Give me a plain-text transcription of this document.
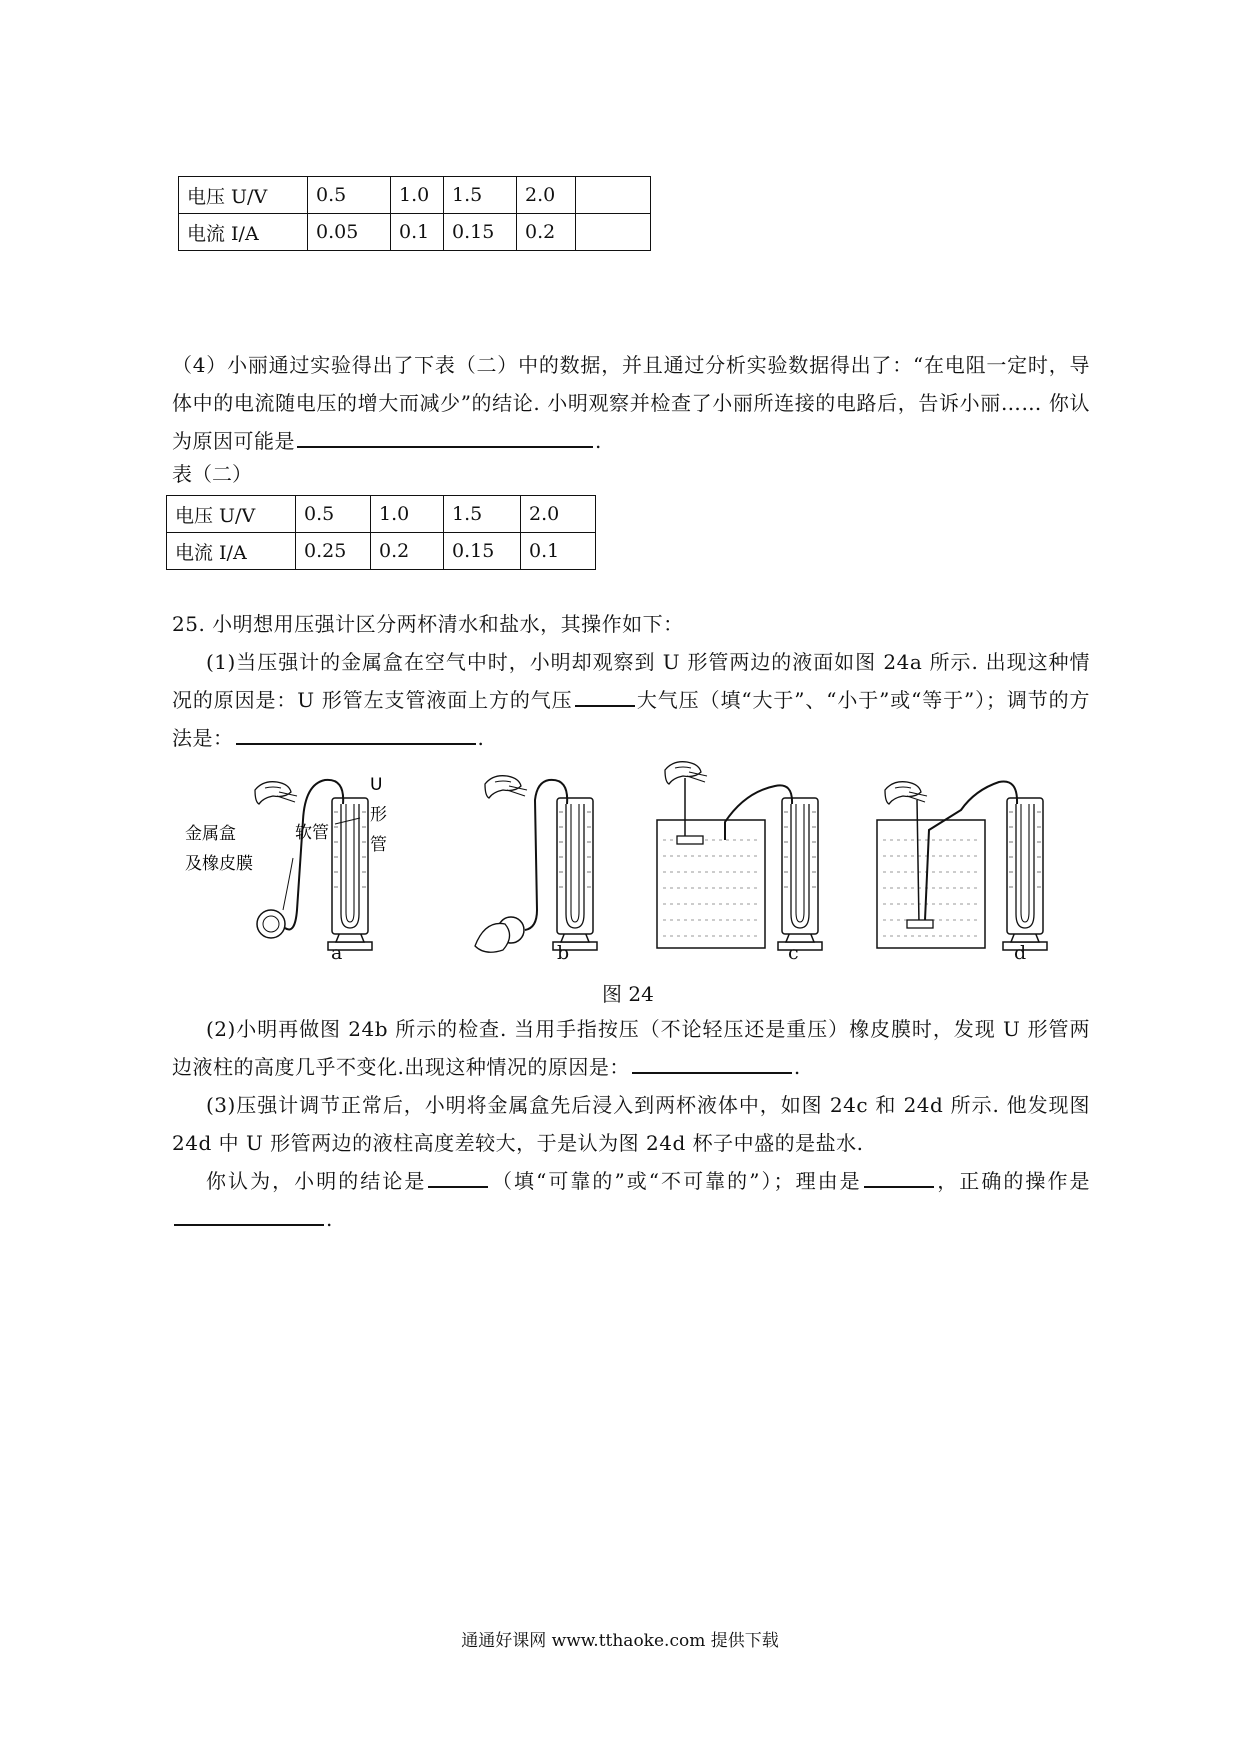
电压 U/V	0.5	1.0	1.5	2.0	
电流 I/A	0.05	0.1	0.15	0.2	
（4）小丽通过实验得出了下表（二）中的数据，并且通过分析实验数据得出了：“在电阻一定时，导体中的电流随电压的增大而减少”的结论. 小明观察并检查了小丽所连接的电路后，告诉小丽…… 你认为原因可能是	.
表（二）
电压 U/V	0.5	1.0	1.5	2.0
电流 I/A	0.25	0.2	0.15	0.1
25. 小明想用压强计区分两杯清水和盐水，其操作如下：
(1)当压强计的金属盒在空气中时，小明却观察到 U 形管两边的液面如图 24a 所示. 出现这种情况的原因是：U 形管左支管液面上方的气压	大气压（填“大于”、“小于”或“等于”）；调节的方法是：	.
金属盒
及橡皮膜
软管
U
形
管
a	b	c	d
图 24
(2)小明再做图 24b 所示的检查. 当用手指按压（不论轻压还是重压）橡皮膜时，发现 U 形管两边液柱的高度几乎不变化.出现这种情况的原因是：	.
(3)压强计调节正常后，小明将金属盒先后浸入到两杯液体中，如图 24c 和 24d 所示. 他发现图 24d 中 U 形管两边的液柱高度差较大，于是认为图 24d 杯子中盛的是盐水.
你认为，小明的结论是	（填“可靠的”或“不可靠的”）；理由是	，正确的操作是.
通通好课网 www.tthaoke.com 提供下载
